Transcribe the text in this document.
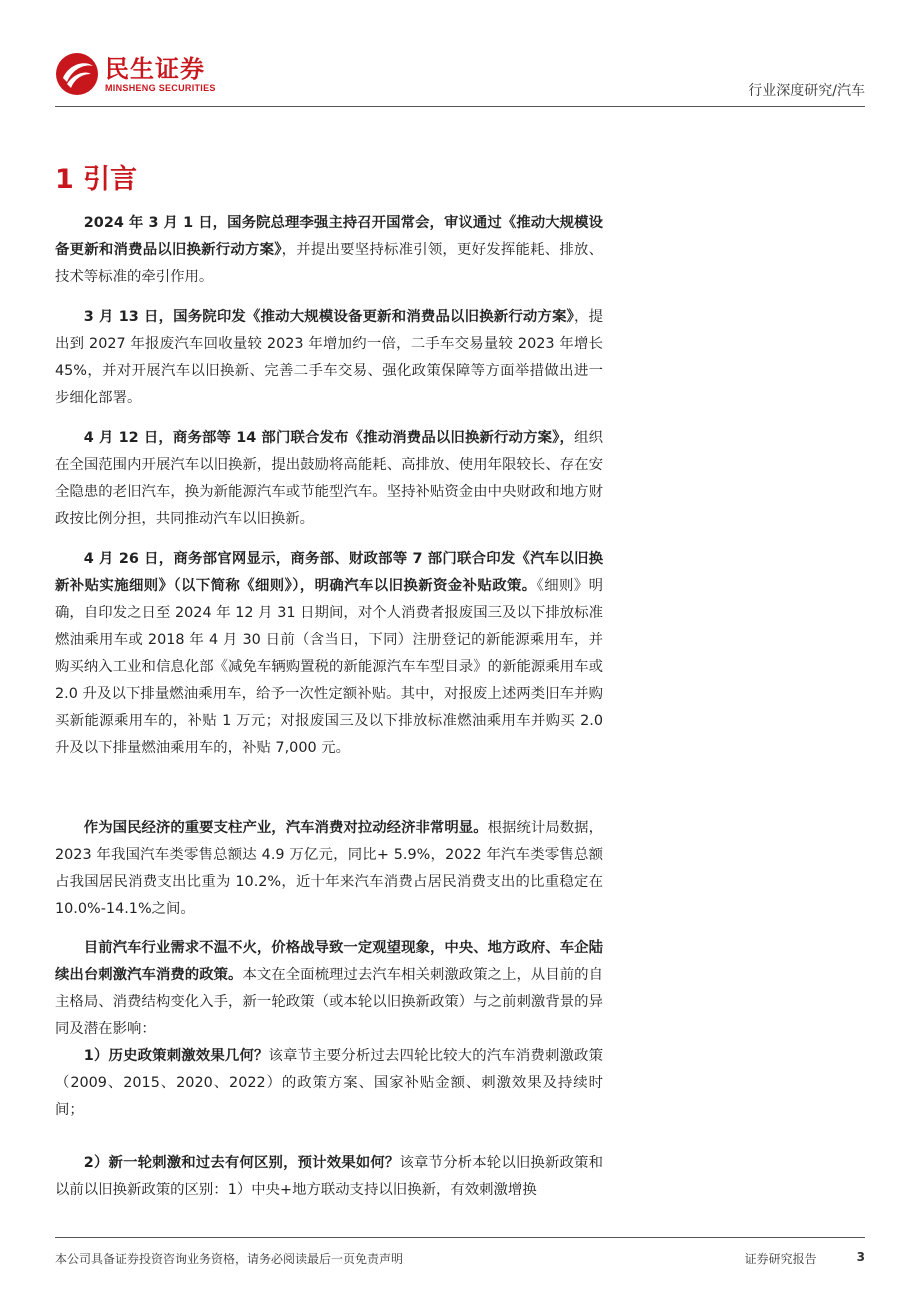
民生证券
MINSHENG SECURITIES	行业深度研究/汽车
1 引言

2024 年 3 月 1 日，国务院总理李强主持召开国常会，审议通过《推动大规模设备更新和消费品以旧换新行动方案》，并提出要坚持标准引领，更好发挥能耗、排放、技术等标准的牵引作用。

3 月 13 日，国务院印发《推动大规模设备更新和消费品以旧换新行动方案》，提出到 2027 年报废汽车回收量较 2023 年增加约一倍，二手车交易量较 2023 年增长 45%，并对开展汽车以旧换新、完善二手车交易、强化政策保障等方面举措做出进一步细化部署。

4 月 12 日，商务部等 14 部门联合发布《推动消费品以旧换新行动方案》，组织在全国范围内开展汽车以旧换新，提出鼓励将高能耗、高排放、使用年限较长、存在安全隐患的老旧汽车，换为新能源汽车或节能型汽车。坚持补贴资金由中央财政和地方财政按比例分担，共同推动汽车以旧换新。

4 月 26 日，商务部官网显示，商务部、财政部等 7 部门联合印发《汽车以旧换新补贴实施细则》（以下简称《细则》），明确汽车以旧换新资金补贴政策。《细则》明确，自印发之日至 2024 年 12 月 31 日期间，对个人消费者报废国三及以下排放标准燃油乘用车或 2018 年 4 月 30 日前（含当日，下同）注册登记的新能源乘用车，并购买纳入工业和信息化部《减免车辆购置税的新能源汽车车型目录》的新能源乘用车或 2.0 升及以下排量燃油乘用车，给予一次性定额补贴。其中，对报废上述两类旧车并购买新能源乘用车的，补贴 1 万元；对报废国三及以下排放标准燃油乘用车并购买 2.0 升及以下排量燃油乘用车的，补贴 7,000 元。

作为国民经济的重要支柱产业，汽车消费对拉动经济非常明显。根据统计局数据，2023 年我国汽车类零售总额达 4.9 万亿元，同比+ 5.9%，2022 年汽车类零售总额占我国居民消费支出比重为 10.2%，近十年来汽车消费占居民消费支出的比重稳定在 10.0%-14.1%之间。

目前汽车行业需求不温不火，价格战导致一定观望现象，中央、地方政府、车企陆续出台刺激汽车消费的政策。本文在全面梳理过去汽车相关刺激政策之上，从目前的自主格局、消费结构变化入手，新一轮政策（或本轮以旧换新政策）与之前刺激背景的异同及潜在影响：

1）历史政策刺激效果几何？该章节主要分析过去四轮比较大的汽车消费刺激政策（2009、2015、2020、2022）的政策方案、国家补贴金额、刺激效果及持续时间；

2）新一轮刺激和过去有何区别，预计效果如何？该章节分析本轮以旧换新政策和以前以旧换新政策的区别：1）中央+地方联动支持以旧换新，有效刺激增换

本公司具备证券投资咨询业务资格，请务必阅读最后一页免责声明	证券研究报告	3
